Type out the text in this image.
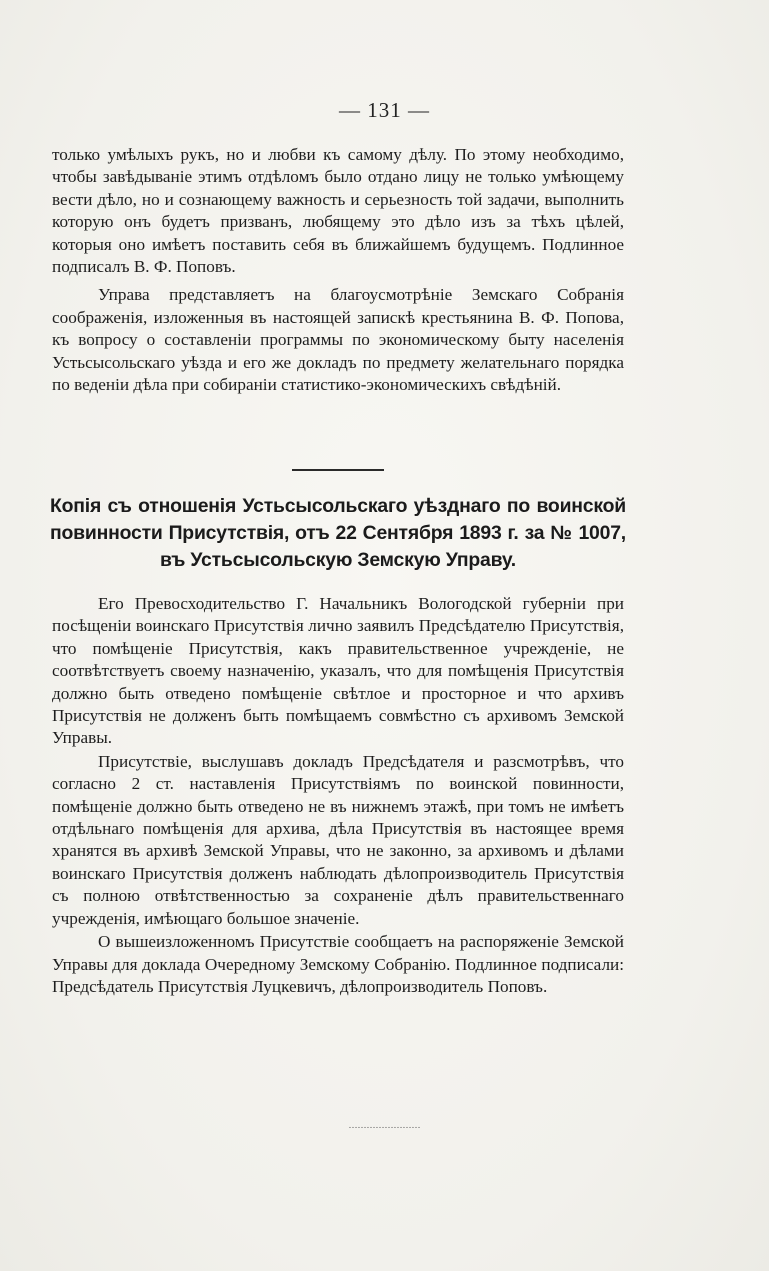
— 131 —

только умѣлыхъ рукъ, но и любви къ самому дѣлу. По этому необходимо, чтобы завѣдываніе этимъ отдѣломъ было отдано лицу не только умѣющему вести дѣло, но и сознающему важность и серьезность той задачи, выполнить которую онъ будетъ призванъ, любящему это дѣло изъ за тѣхъ цѣлей, которыя оно имѣетъ поставить себя въ ближайшемъ будущемъ. Подлинное подписалъ В. Ф. Поповъ.

Управа представляетъ на благоусмотрѣніе Земскаго Собранія соображенія, изложенныя въ настоящей запискѣ крестьянина В. Ф. Попова, къ вопросу о составленіи программы по экономическому быту населенія Устьсысольскаго уѣзда и его же докладъ по предмету желательнаго порядка по веденіи дѣла при собираніи статистико-экономическихъ свѣдѣній.

Копія съ отношенія Устьсысольскаго уѣзднаго по воинской
повинности Присутствія, отъ 22 Сентября 1893 г. за № 1007,
въ Устьсысольскую Земскую Управу.

Его Превосходительство Г. Начальникъ Вологодской губерніи при посѣщеніи воинскаго Присутствія лично заявилъ Предсѣдателю Присутствія, что помѣщеніе Присутствія, какъ правительственное учрежденіе, не соотвѣтствуетъ своему назначенію, указалъ, что для помѣщенія Присутствія должно быть отведено помѣщеніе свѣтлое и просторное и что архивъ Присутствія не долженъ быть помѣщаемъ совмѣстно съ архивомъ Земской Управы.

Присутствіе, выслушавъ докладъ Предсѣдателя и разсмотрѣвъ, что согласно 2 ст. наставленія Присутствіямъ по воинской повинности, помѣщеніе должно быть отведено не въ нижнемъ этажѣ, при томъ не имѣетъ отдѣльнаго помѣщенія для архива, дѣла Присутствія въ настоящее время хранятся въ архивѣ Земской Управы, что не законно, за архивомъ и дѣлами воинскаго Присутствія долженъ наблюдать дѣлопроизводитель Присутствія съ полною отвѣтственностью за сохраненіе дѣлъ правительственнаго учрежденія, имѣющаго большое значеніе.

О вышеизложенномъ Присутствіе сообщаетъ на распоряженіе Земской Управы для доклада Очередному Земскому Собранію. Подлинное подписали: Предсѣдатель Присутствія Луцкевичъ, дѣлопроизводитель Поповъ.

……………………
